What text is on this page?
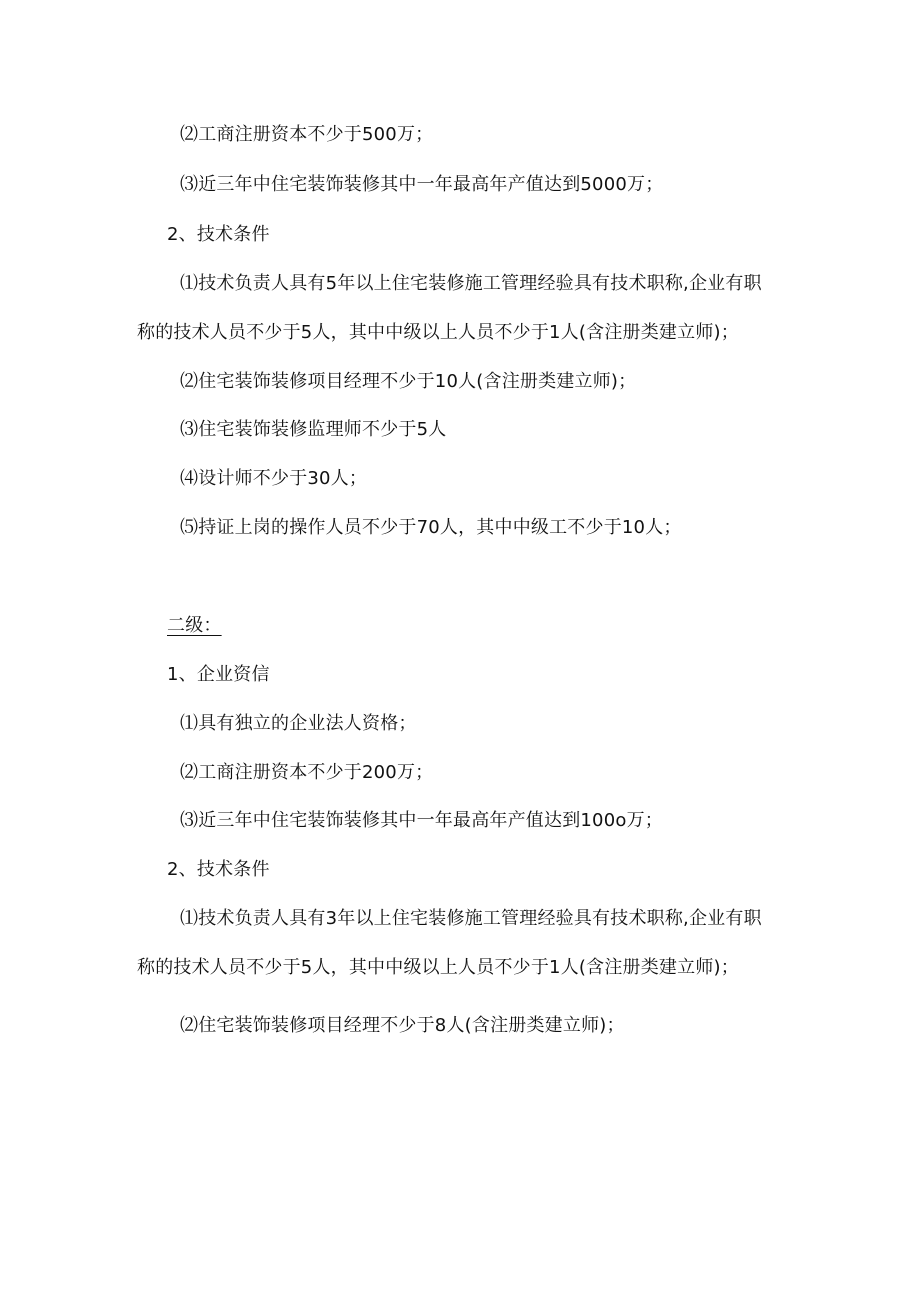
⑵工商注册资本不少于500万；
⑶近三年中住宅装饰装修其中一年最高年产值达到5000万；
2、技术条件
⑴技术负责人具有5年以上住宅装修施工管理经验具有技术职称,企业有职
称的技术人员不少于5人，其中中级以上人员不少于1人(含注册类建立师)；
⑵住宅装饰装修项目经理不少于10人(含注册类建立师)；
⑶住宅装饰装修监理师不少于5人
⑷设计师不少于30人；
⑸持证上岗的操作人员不少于70人，其中中级工不少于10人；
二级：
1、企业资信
⑴具有独立的企业法人资格；
⑵工商注册资本不少于200万；
⑶近三年中住宅装饰装修其中一年最高年产值达到100o万；
2、技术条件
⑴技术负责人具有3年以上住宅装修施工管理经验具有技术职称,企业有职
称的技术人员不少于5人，其中中级以上人员不少于1人(含注册类建立师)；
⑵住宅装饰装修项目经理不少于8人(含注册类建立师)；
